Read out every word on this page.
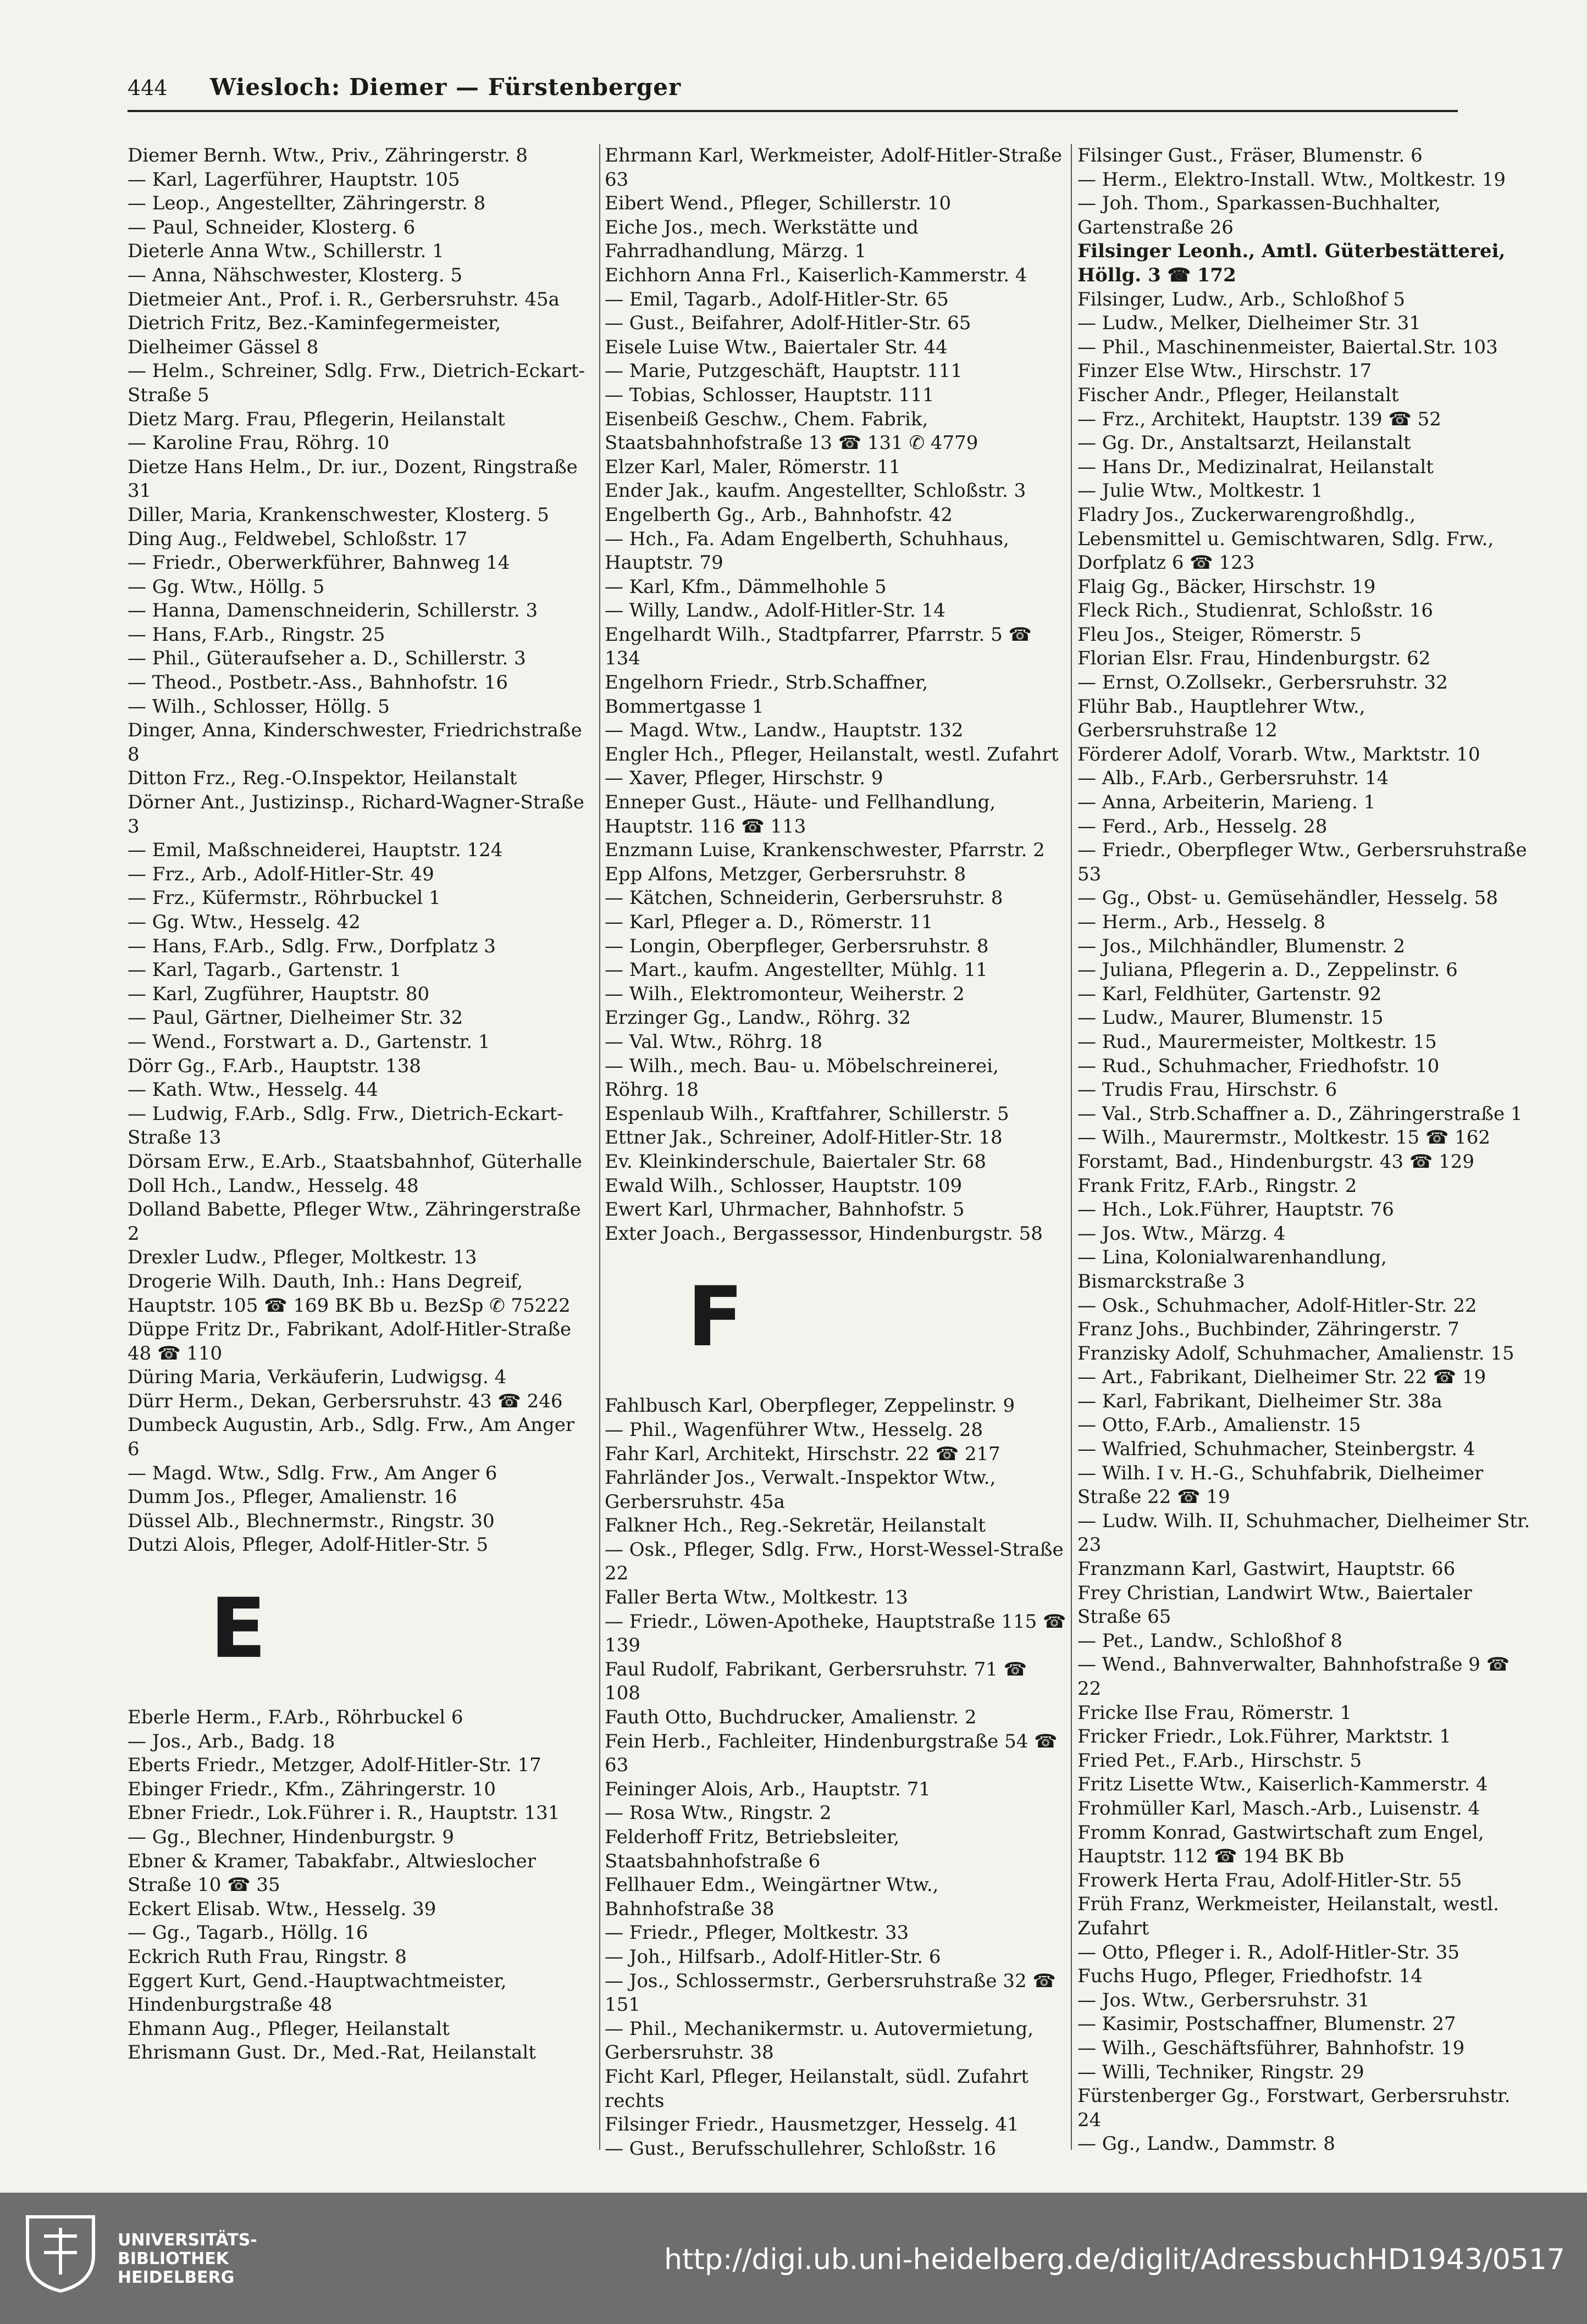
444 Wiesloch: Diemer — Fürstenberger
Diemer Bernh. Wtw., Priv., Zähringerstr. 8
— Karl, Lagerführer, Hauptstr. 105
— Leop., Angestellter, Zähringerstr. 8
— Paul, Schneider, Klosterg. 6
Dieterle Anna Wtw., Schillerstr. 1
— Anna, Nähschwester, Klosterg. 5
Dietmeier Ant., Prof. i. R., Gerbersruhstr. 45a
Dietrich Fritz, Bez.-Kaminfegermeister, Dielheimer Gässel 8
— Helm., Schreiner, Sdlg. Frw., Dietrich-Eckart-Straße 5
Dietz Marg. Frau, Pflegerin, Heilanstalt
— Karoline Frau, Röhrg. 10
Dietze Hans Helm., Dr. iur., Dozent, Ringstraße 31
Diller, Maria, Krankenschwester, Klosterg. 5
Ding Aug., Feldwebel, Schloßstr. 17
— Friedr., Oberwerkführer, Bahnweg 14
— Gg. Wtw., Höllg. 5
— Hanna, Damenschneiderin, Schillerstr. 3
— Hans, F.Arb., Ringstr. 25
— Phil., Güteraufseher a. D., Schillerstr. 3
— Theod., Postbetr.-Ass., Bahnhofstr. 16
— Wilh., Schlosser, Höllg. 5
Dinger, Anna, Kinderschwester, Friedrichstraße 8
Ditton Frz., Reg.-O.Inspektor, Heilanstalt
Dörner Ant., Justizinsp., Richard-Wagner-Straße 3
— Emil, Maßschneiderei, Hauptstr. 124
— Frz., Arb., Adolf-Hitler-Str. 49
— Frz., Küfermstr., Röhrbuckel 1
— Gg. Wtw., Hesselg. 42
— Hans, F.Arb., Sdlg. Frw., Dorfplatz 3
— Karl, Tagarb., Gartenstr. 1
— Karl, Zugführer, Hauptstr. 80
— Paul, Gärtner, Dielheimer Str. 32
— Wend., Forstwart a. D., Gartenstr. 1
Dörr Gg., F.Arb., Hauptstr. 138
— Kath. Wtw., Hesselg. 44
— Ludwig, F.Arb., Sdlg. Frw., Dietrich-Eckart-Straße 13
Dörsam Erw., E.Arb., Staatsbahnhof, Güterhalle
Doll Hch., Landw., Hesselg. 48
Dolland Babette, Pfleger Wtw., Zähringerstraße 2
Drexler Ludw., Pfleger, Moltkestr. 13
Drogerie Wilh. Dauth, Inh.: Hans Degreif, Hauptstr. 105 ☎ 169 BK Bb u. BezSp ✆ 75222
Düppe Fritz Dr., Fabrikant, Adolf-Hitler-Straße 48 ☎ 110
Düring Maria, Verkäuferin, Ludwigsg. 4
Dürr Herm., Dekan, Gerbersruhstr. 43 ☎ 246
Dumbeck Augustin, Arb., Sdlg. Frw., Am Anger 6
— Magd. Wtw., Sdlg. Frw., Am Anger 6
Dumm Jos., Pfleger, Amalienstr. 16
Düssel Alb., Blechnermstr., Ringstr. 30
Dutzi Alois, Pfleger, Adolf-Hitler-Str. 5
E
Eberle Herm., F.Arb., Röhrbuckel 6
— Jos., Arb., Badg. 18
Eberts Friedr., Metzger, Adolf-Hitler-Str. 17
Ebinger Friedr., Kfm., Zähringerstr. 10
Ebner Friedr., Lok.Führer i. R., Hauptstr. 131
— Gg., Blechner, Hindenburgstr. 9
Ebner & Kramer, Tabakfabr., Altwieslocher Straße 10 ☎ 35
Eckert Elisab. Wtw., Hesselg. 39
— Gg., Tagarb., Höllg. 16
Eckrich Ruth Frau, Ringstr. 8
Eggert Kurt, Gend.-Hauptwachtmeister, Hindenburgstraße 48
Ehmann Aug., Pfleger, Heilanstalt
Ehrismann Gust. Dr., Med.-Rat, Heilanstalt
Ehrmann Karl, Werkmeister, Adolf-Hitler-Straße 63
Eibert Wend., Pfleger, Schillerstr. 10
Eiche Jos., mech. Werkstätte und Fahrradhandlung, Märzg. 1
Eichhorn Anna Frl., Kaiserlich-Kammerstr. 4
— Emil, Tagarb., Adolf-Hitler-Str. 65
— Gust., Beifahrer, Adolf-Hitler-Str. 65
Eisele Luise Wtw., Baiertaler Str. 44
— Marie, Putzgeschäft, Hauptstr. 111
— Tobias, Schlosser, Hauptstr. 111
Eisenbeiß Geschw., Chem. Fabrik, Staatsbahnhofstraße 13 ☎ 131 ✆ 4779
Elzer Karl, Maler, Römerstr. 11
Ender Jak., kaufm. Angestellter, Schloßstr. 3
Engelberth Gg., Arb., Bahnhofstr. 42
— Hch., Fa. Adam Engelberth, Schuhhaus, Hauptstr. 79
— Karl, Kfm., Dämmelhohle 5
— Willy, Landw., Adolf-Hitler-Str. 14
Engelhardt Wilh., Stadtpfarrer, Pfarrstr. 5 ☎ 134
Engelhorn Friedr., Strb.Schaffner, Bommertgasse 1
— Magd. Wtw., Landw., Hauptstr. 132
Engler Hch., Pfleger, Heilanstalt, westl. Zufahrt
— Xaver, Pfleger, Hirschstr. 9
Enneper Gust., Häute- und Fellhandlung, Hauptstr. 116 ☎ 113
Enzmann Luise, Krankenschwester, Pfarrstr. 2
Epp Alfons, Metzger, Gerbersruhstr. 8
— Kätchen, Schneiderin, Gerbersruhstr. 8
— Karl, Pfleger a. D., Römerstr. 11
— Longin, Oberpfleger, Gerbersruhstr. 8
— Mart., kaufm. Angestellter, Mühlg. 11
— Wilh., Elektromonteur, Weiherstr. 2
Erzinger Gg., Landw., Röhrg. 32
— Val. Wtw., Röhrg. 18
— Wilh., mech. Bau- u. Möbelschreinerei, Röhrg. 18
Espenlaub Wilh., Kraftfahrer, Schillerstr. 5
Ettner Jak., Schreiner, Adolf-Hitler-Str. 18
Ev. Kleinkinderschule, Baiertaler Str. 68
Ewald Wilh., Schlosser, Hauptstr. 109
Ewert Karl, Uhrmacher, Bahnhofstr. 5
Exter Joach., Bergassessor, Hindenburgstr. 58
F
Fahlbusch Karl, Oberpfleger, Zeppelinstr. 9
— Phil., Wagenführer Wtw., Hesselg. 28
Fahr Karl, Architekt, Hirschstr. 22 ☎ 217
Fahrländer Jos., Verwalt.-Inspektor Wtw., Gerbersruhstr. 45a
Falkner Hch., Reg.-Sekretär, Heilanstalt
— Osk., Pfleger, Sdlg. Frw., Horst-Wessel-Straße 22
Faller Berta Wtw., Moltkestr. 13
— Friedr., Löwen-Apotheke, Hauptstraße 115 ☎ 139
Faul Rudolf, Fabrikant, Gerbersruhstr. 71 ☎ 108
Fauth Otto, Buchdrucker, Amalienstr. 2
Fein Herb., Fachleiter, Hindenburgstraße 54 ☎ 63
Feininger Alois, Arb., Hauptstr. 71
— Rosa Wtw., Ringstr. 2
Felderhoff Fritz, Betriebsleiter, Staatsbahnhofstraße 6
Fellhauer Edm., Weingärtner Wtw., Bahnhofstraße 38
— Friedr., Pfleger, Moltkestr. 33
— Joh., Hilfsarb., Adolf-Hitler-Str. 6
— Jos., Schlossermstr., Gerbersruhstraße 32 ☎ 151
— Phil., Mechanikermstr. u. Autovermietung, Gerbersruhstr. 38
Ficht Karl, Pfleger, Heilanstalt, südl. Zufahrt rechts
Filsinger Friedr., Hausmetzger, Hesselg. 41
— Gust., Berufsschullehrer, Schloßstr. 16
Filsinger Gust., Fräser, Blumenstr. 6
— Herm., Elektro-Install. Wtw., Moltkestr. 19
— Joh. Thom., Sparkassen-Buchhalter, Gartenstraße 26
Filsinger Leonh., Amtl. Güterbestätterei, Höllg. 3 ☎ 172
Filsinger, Ludw., Arb., Schloßhof 5
— Ludw., Melker, Dielheimer Str. 31
— Phil., Maschinenmeister, Baiertal.Str. 103
Finzer Else Wtw., Hirschstr. 17
Fischer Andr., Pfleger, Heilanstalt
— Frz., Architekt, Hauptstr. 139 ☎ 52
— Gg. Dr., Anstaltsarzt, Heilanstalt
— Hans Dr., Medizinalrat, Heilanstalt
— Julie Wtw., Moltkestr. 1
Fladry Jos., Zuckerwarengroßhdlg., Lebensmittel u. Gemischtwaren, Sdlg. Frw., Dorfplatz 6 ☎ 123
Flaig Gg., Bäcker, Hirschstr. 19
Fleck Rich., Studienrat, Schloßstr. 16
Fleu Jos., Steiger, Römerstr. 5
Florian Elsr. Frau, Hindenburgstr. 62
— Ernst, O.Zollsekr., Gerbersruhstr. 32
Flühr Bab., Hauptlehrer Wtw., Gerbersruhstraße 12
Förderer Adolf, Vorarb. Wtw., Marktstr. 10
— Alb., F.Arb., Gerbersruhstr. 14
— Anna, Arbeiterin, Marieng. 1
— Ferd., Arb., Hesselg. 28
— Friedr., Oberpfleger Wtw., Gerbersruhstraße 53
— Gg., Obst- u. Gemüsehändler, Hesselg. 58
— Herm., Arb., Hesselg. 8
— Jos., Milchhändler, Blumenstr. 2
— Juliana, Pflegerin a. D., Zeppelinstr. 6
— Karl, Feldhüter, Gartenstr. 92
— Ludw., Maurer, Blumenstr. 15
— Rud., Maurermeister, Moltkestr. 15
— Rud., Schuhmacher, Friedhofstr. 10
— Trudis Frau, Hirschstr. 6
— Val., Strb.Schaffner a. D., Zähringerstraße 1
— Wilh., Maurermstr., Moltkestr. 15 ☎ 162
Forstamt, Bad., Hindenburgstr. 43 ☎ 129
Frank Fritz, F.Arb., Ringstr. 2
— Hch., Lok.Führer, Hauptstr. 76
— Jos. Wtw., Märzg. 4
— Lina, Kolonialwarenhandlung, Bismarckstraße 3
— Osk., Schuhmacher, Adolf-Hitler-Str. 22
Franz Johs., Buchbinder, Zähringerstr. 7
Franzisky Adolf, Schuhmacher, Amalienstr. 15
— Art., Fabrikant, Dielheimer Str. 22 ☎ 19
— Karl, Fabrikant, Dielheimer Str. 38a
— Otto, F.Arb., Amalienstr. 15
— Walfried, Schuhmacher, Steinbergstr. 4
— Wilh. I v. H.-G., Schuhfabrik, Dielheimer Straße 22 ☎ 19
— Ludw. Wilh. II, Schuhmacher, Dielheimer Str. 23
Franzmann Karl, Gastwirt, Hauptstr. 66
Frey Christian, Landwirt Wtw., Baiertaler Straße 65
— Pet., Landw., Schloßhof 8
— Wend., Bahnverwalter, Bahnhofstraße 9 ☎ 22
Fricke Ilse Frau, Römerstr. 1
Fricker Friedr., Lok.Führer, Marktstr. 1
Fried Pet., F.Arb., Hirschstr. 5
Fritz Lisette Wtw., Kaiserlich-Kammerstr. 4
Frohmüller Karl, Masch.-Arb., Luisenstr. 4
Fromm Konrad, Gastwirtschaft zum Engel, Hauptstr. 112 ☎ 194 BK Bb
Frowerk Herta Frau, Adolf-Hitler-Str. 55
Früh Franz, Werkmeister, Heilanstalt, westl. Zufahrt
— Otto, Pfleger i. R., Adolf-Hitler-Str. 35
Fuchs Hugo, Pfleger, Friedhofstr. 14
— Jos. Wtw., Gerbersruhstr. 31
— Kasimir, Postschaffner, Blumenstr. 27
— Wilh., Geschäftsführer, Bahnhofstr. 19
— Willi, Techniker, Ringstr. 29
Fürstenberger Gg., Forstwart, Gerbersruhstr. 24
— Gg., Landw., Dammstr. 8
UNIVERSITÄTS-
BIBLIOTHEK
HEIDELBERG
http://digi.ub.uni-heidelberg.de/diglit/AdressbuchHD1943/0517
